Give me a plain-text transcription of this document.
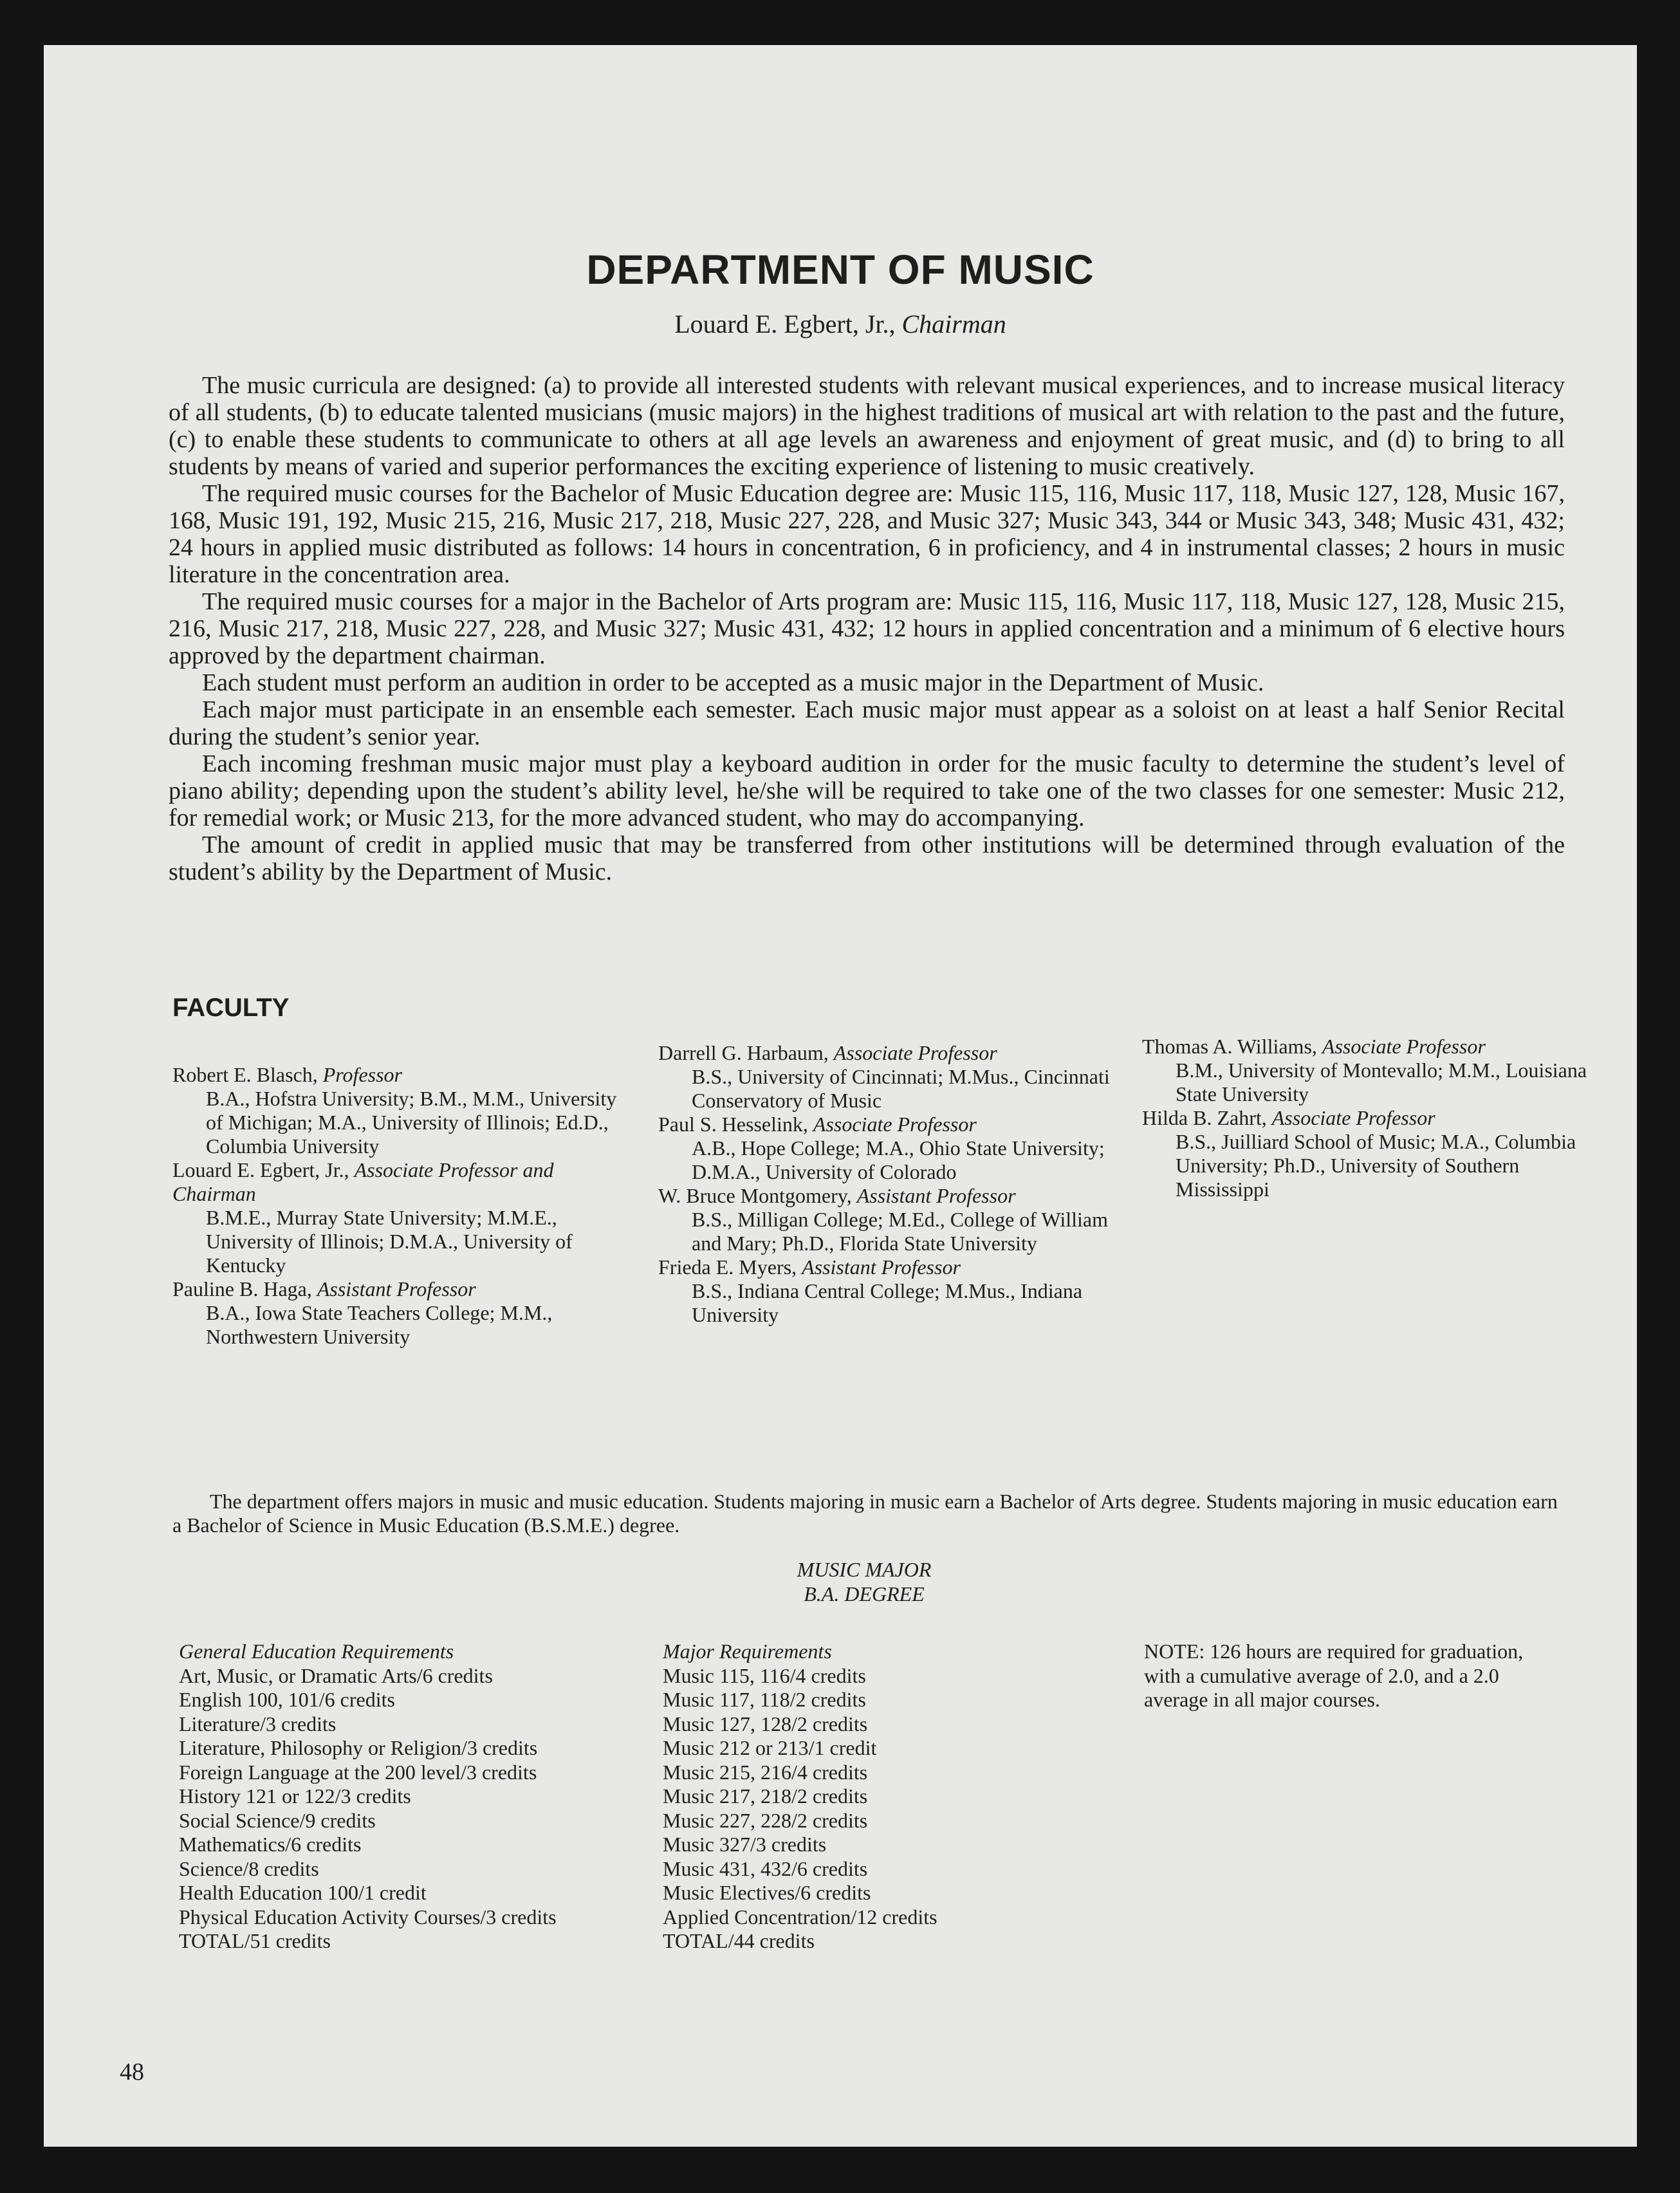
DEPARTMENT OF MUSIC
Louard E. Egbert, Jr., Chairman

The music curricula are designed: (a) to provide all interested students with relevant musical experiences, and to increase musical literacy of all students, (b) to educate talented musicians (music majors) in the highest traditions of musical art with relation to the past and the future, (c) to enable these students to communicate to others at all age levels an awareness and enjoyment of great music, and (d) to bring to all students by means of varied and superior performances the exciting experience of listening to music creatively.

The required music courses for the Bachelor of Music Education degree are: Music 115, 116, Music 117, 118, Music 127, 128, Music 167, 168, Music 191, 192, Music 215, 216, Music 217, 218, Music 227, 228, and Music 327; Music 343, 344 or Music 343, 348; Music 431, 432; 24 hours in applied music distributed as follows: 14 hours in concentration, 6 in proficiency, and 4 in instrumental classes; 2 hours in music literature in the concentration area.

The required music courses for a major in the Bachelor of Arts program are: Music 115, 116, Music 117, 118, Music 127, 128, Music 215, 216, Music 217, 218, Music 227, 228, and Music 327; Music 431, 432; 12 hours in applied concentration and a minimum of 6 elective hours approved by the department chairman.

Each student must perform an audition in order to be accepted as a music major in the Department of Music.

Each major must participate in an ensemble each semester. Each music major must appear as a soloist on at least a half Senior Recital during the student’s senior year.

Each incoming freshman music major must play a keyboard audition in order for the music faculty to determine the student’s level of piano ability; depending upon the student’s ability level, he/she will be required to take one of the two classes for one semester: Music 212, for remedial work; or Music 213, for the more advanced student, who may do accompanying.

The amount of credit in applied music that may be transferred from other institutions will be determined through evaluation of the student’s ability by the Department of Music.

FACULTY
Robert E. Blasch, Professor
B.A., Hofstra University; B.M., M.M., University of Michigan; M.A., University of Illinois; Ed.D., Columbia University
Louard E. Egbert, Jr., Associate Professor and Chairman
B.M.E., Murray State University; M.M.E., University of Illinois; D.M.A., University of Kentucky
Pauline B. Haga, Assistant Professor
B.A., Iowa State Teachers College; M.M., Northwestern University
Darrell G. Harbaum, Associate Professor
B.S., University of Cincinnati; M.Mus., Cincinnati Conservatory of Music
Paul S. Hesselink, Associate Professor
A.B., Hope College; M.A., Ohio State University; D.M.A., University of Colorado
W. Bruce Montgomery, Assistant Professor
B.S., Milligan College; M.Ed., College of William and Mary; Ph.D., Florida State University
Frieda E. Myers, Assistant Professor
B.S., Indiana Central College; M.Mus., Indiana University
Thomas A. Williams, Associate Professor
B.M., University of Montevallo; M.M., Louisiana State University
Hilda B. Zahrt, Associate Professor
B.S., Juilliard School of Music; M.A., Columbia University; Ph.D., University of Southern Mississippi

The department offers majors in music and music education. Students majoring in music earn a Bachelor of Arts degree. Students majoring in music education earn a Bachelor of Science in Music Education (B.S.M.E.) degree.

MUSIC MAJOR
B.A. DEGREE
General Education Requirements
Art, Music, or Dramatic Arts/6 credits
English 100, 101/6 credits
Literature/3 credits
Literature, Philosophy or Religion/3 credits
Foreign Language at the 200 level/3 credits
History 121 or 122/3 credits
Social Science/9 credits
Mathematics/6 credits
Science/8 credits
Health Education 100/1 credit
Physical Education Activity Courses/3 credits
TOTAL/51 credits
Major Requirements
Music 115, 116/4 credits
Music 117, 118/2 credits
Music 127, 128/2 credits
Music 212 or 213/1 credit
Music 215, 216/4 credits
Music 217, 218/2 credits
Music 227, 228/2 credits
Music 327/3 credits
Music 431, 432/6 credits
Music Electives/6 credits
Applied Concentration/12 credits
TOTAL/44 credits
NOTE: 126 hours are required for graduation, with a cumulative average of 2.0, and a 2.0 average in all major courses.
48
